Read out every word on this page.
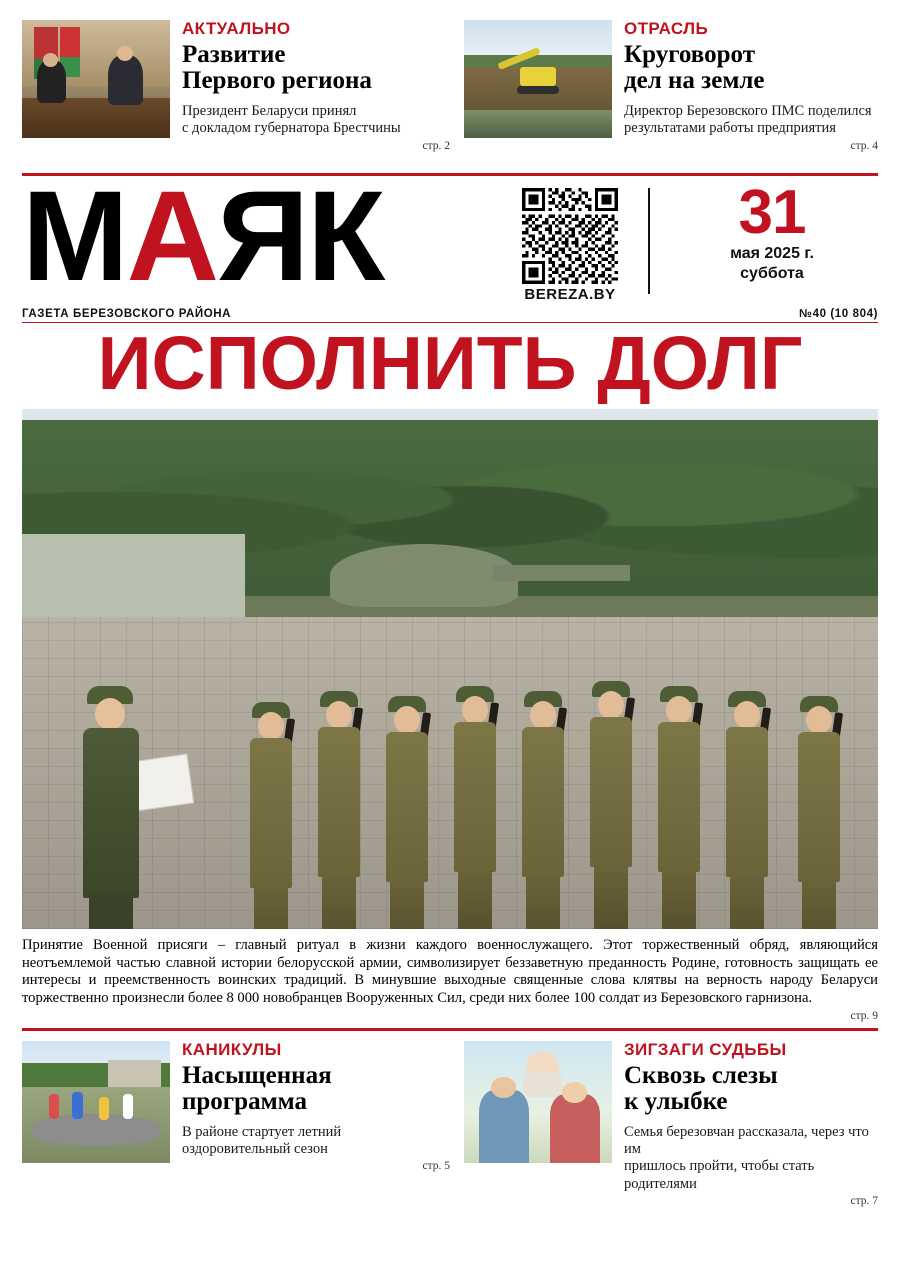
АКТУАЛЬНО

Развитие
Первого региона

Президент Беларуси принял
с докладом губернатора Брестчины

стр. 2

ОТРАСЛЬ

Круговорот
дел на земле

Директор Березовского ПМС поделился
результатами работы предприятия

стр. 4

М А ЯК	BEREZA.BY

31

мая 2025 г.

суббота

ГАЗЕТА БЕРЕЗОВСКОГО РАЙОНА	№40 (10 804)
ИСПОЛНИТЬ ДОЛГ

Принятие Военной присяги – главный ритуал в жизни каждого военнослужащего. Этот торжественный обряд, являющийся неотъемлемой частью славной истории белорусской армии, символизирует беззаветную преданность Родине, готовность защищать ее интересы и преемственность воинских традиций. В минувшие выходные священные слова клятвы на верность народу Беларуси торжественно произнесли более 8 000 новобранцев Вооруженных Сил, среди них более 100 солдат из Березовского гарнизона.

стр. 9

КАНИКУЛЫ

Насыщенная
программа

В районе стартует летний
оздоровительный сезон

стр. 5

ЗИГЗАГИ СУДЬБЫ

Сквозь слезы
к улыбке

Семья березовчан рассказала, через что им
пришлось пройти, чтобы стать родителями

стр. 7
